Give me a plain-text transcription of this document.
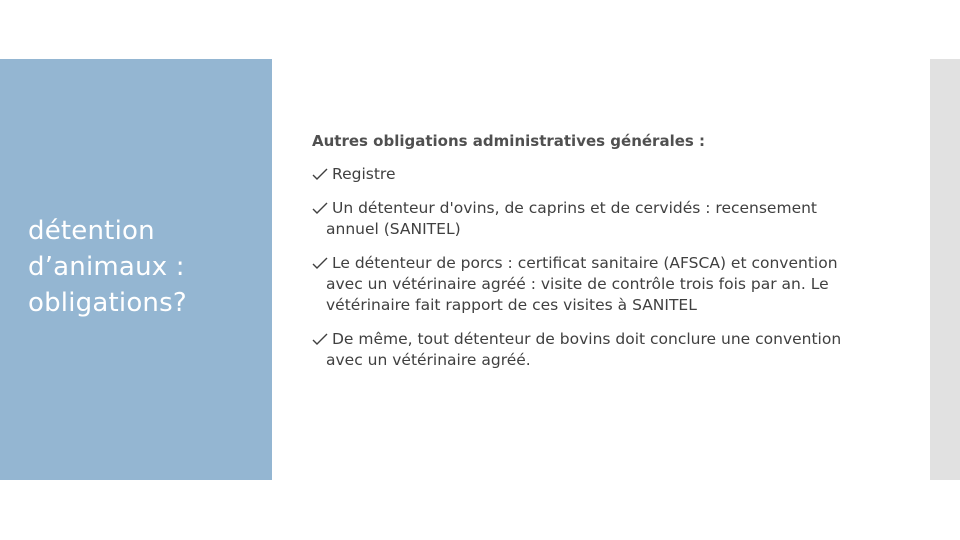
détention
d’animaux :
obligations?

Autres obligations administratives générales :

Registre
Un détenteur d'ovins, de caprins et de cervidés : recensement
annuel (SANITEL)
Le détenteur de porcs : certificat sanitaire (AFSCA) et convention
avec un vétérinaire agréé : visite de contrôle trois fois par an. Le
vétérinaire fait rapport de ces visites à SANITEL
De même, tout détenteur de bovins doit conclure une convention
avec un vétérinaire agréé.
